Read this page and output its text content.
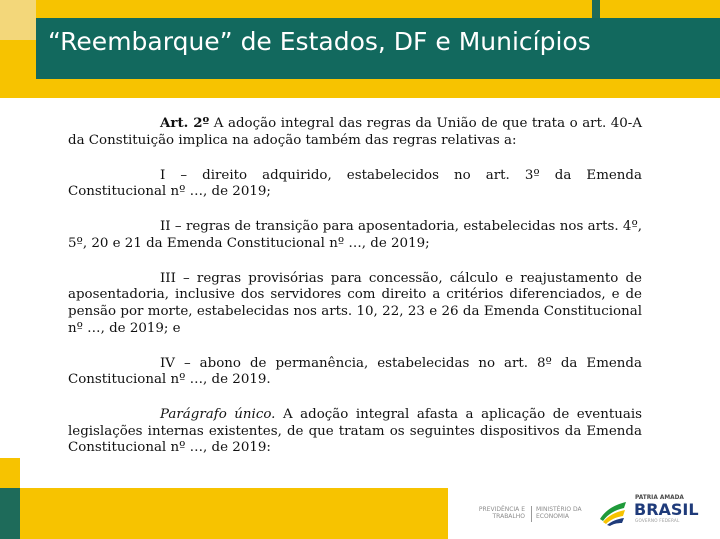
“Reembarque” de Estados, DF e Municípios

Art. 2º A adoção integral das regras da União de que trata o art. 40-A da Constituição implica na adoção também das regras relativas a:

I – direito adquirido, estabelecidos no art. 3º da Emenda Constitucional nº …, de 2019;

II – regras de transição para aposentadoria, estabelecidas nos arts. 4º, 5º, 20 e 21 da Emenda Constitucional nº …, de 2019;

III – regras provisórias para concessão, cálculo e reajustamento de aposentadoria, inclusive dos servidores com direito a critérios diferenciados, e de pensão por morte, estabelecidas nos arts. 10, 22, 23 e 26 da Emenda Constitucional nº …, de 2019; e

IV – abono de permanência, estabelecidas no art. 8º da Emenda Constitucional nº …, de 2019.

Parágrafo único. A adoção integral afasta a aplicação de eventuais legislações internas existentes, de que tratam os seguintes dispositivos da Emenda Constitucional nº …, de 2019:

PREVIDÊNCIA E TRABALHO
MINISTÉRIO DA ECONOMIA
PATRIA AMADA
BRASIL
GOVERNO FEDERAL
